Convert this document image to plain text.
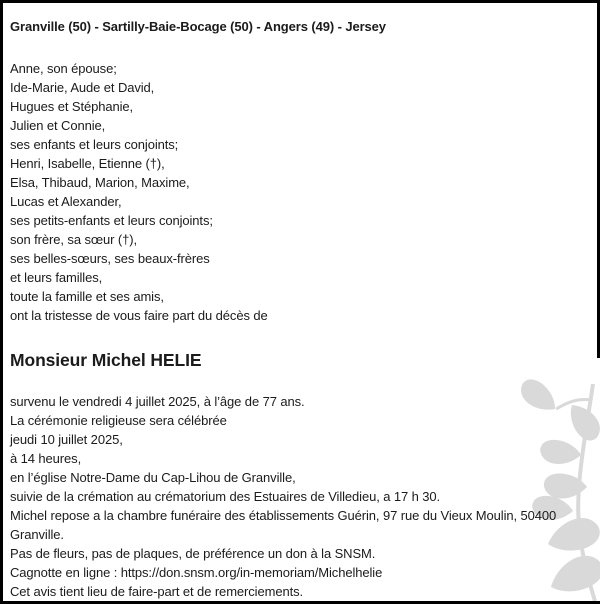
Granville (50) - Sartilly-Baie-Bocage (50) - Angers (49) - Jersey

Anne, son épouse;

Ide-Marie, Aude et David,

Hugues et Stéphanie,

Julien et Connie,

ses enfants et leurs conjoints;

Henri, Isabelle, Etienne (†),

Elsa, Thibaud, Marion, Maxime,

Lucas et Alexander,

ses petits-enfants et leurs conjoints;

son frère, sa sœur (†),

ses belles-sœurs, ses beaux-frères

et leurs familles,

toute la famille et ses amis,

ont la tristesse de vous faire part du décès de

Monsieur Michel HELIE

survenu le vendredi 4 juillet 2025, à l’âge de 77 ans.

La cérémonie religieuse sera célébrée

jeudi 10 juillet 2025,

à 14 heures,

en l’église Notre-Dame du Cap-Lihou de Granville,

suivie de la crémation au crématorium des Estuaires de Villedieu, a 17 h 30.

Michel repose a la chambre funéraire des établissements Guérin, 97 rue du Vieux Moulin, 50400

Granville.

Pas de fleurs, pas de plaques, de préférence un don à la SNSM.

Cagnotte en ligne : https://don.snsm.org/in-memoriam/Michelhelie

Cet avis tient lieu de faire-part et de remerciements.
